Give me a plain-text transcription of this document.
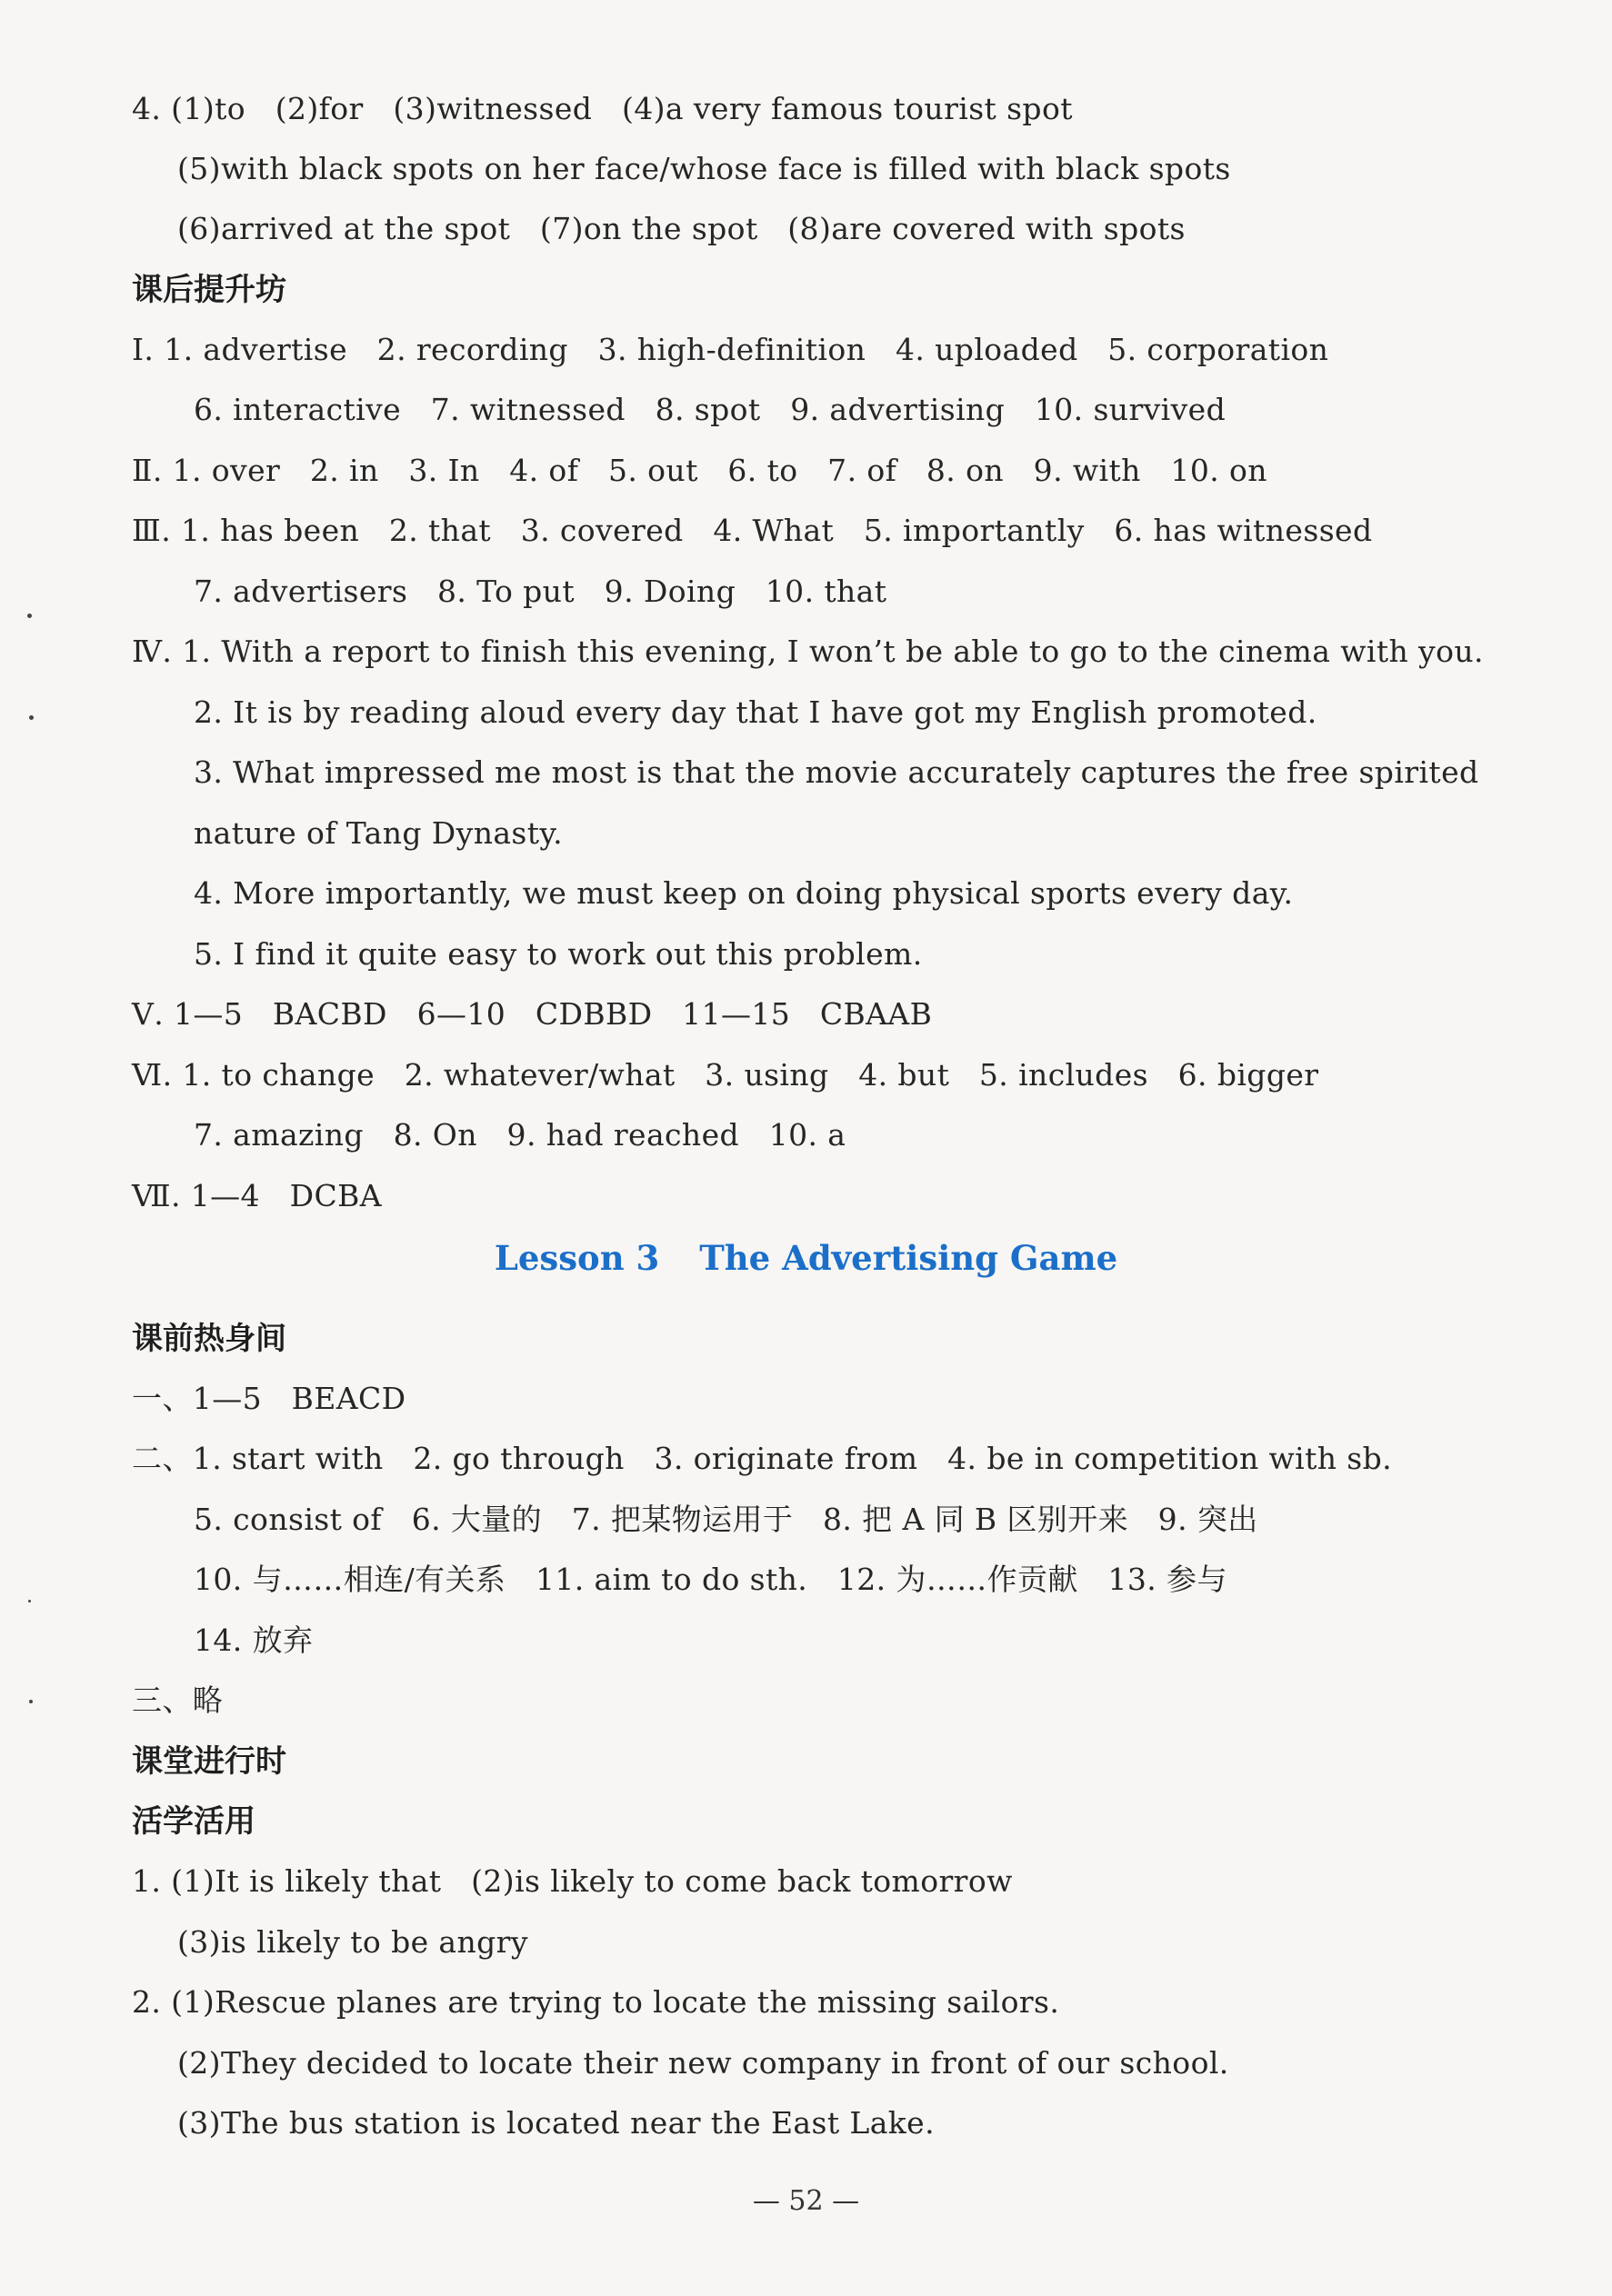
4. (1)to   (2)for   (3)witnessed   (4)a very famous tourist spot
(5)with black spots on her face/whose face is filled with black spots
(6)arrived at the spot   (7)on the spot   (8)are covered with spots
课后提升坊
Ⅰ. 1. advertise   2. recording   3. high-definition   4. uploaded   5. corporation
6. interactive   7. witnessed   8. spot   9. advertising   10. survived
Ⅱ. 1. over   2. in   3. In   4. of   5. out   6. to   7. of   8. on   9. with   10. on
Ⅲ. 1. has been   2. that   3. covered   4. What   5. importantly   6. has witnessed
7. advertisers   8. To put   9. Doing   10. that
Ⅳ. 1. With a report to finish this evening, I won’t be able to go to the cinema with you.
2. It is by reading aloud every day that I have got my English promoted.
3. What impressed me most is that the movie accurately captures the free spirited
nature of Tang Dynasty.
4. More importantly, we must keep on doing physical sports every day.
5. I find it quite easy to work out this problem.
Ⅴ. 1—5   BACBD   6—10   CDBBD   11—15   CBAAB
Ⅵ. 1. to change   2. whatever/what   3. using   4. but   5. includes   6. bigger
7. amazing   8. On   9. had reached   10. a
Ⅶ. 1—4   DCBA
Lesson 3 The Advertising Game
课前热身间
一、1—5   BEACD
二、1. start with   2. go through   3. originate from   4. be in competition with sb.
5. consist of   6. 大量的   7. 把某物运用于   8. 把 A 同 B 区别开来   9. 突出
10. 与……相连/有关系   11. aim to do sth.   12. 为……作贡献   13. 参与
14. 放弃
三、略
课堂进行时
活学活用
1. (1)It is likely that   (2)is likely to come back tomorrow
(3)is likely to be angry
2. (1)Rescue planes are trying to locate the missing sailors.
(2)They decided to locate their new company in front of our school.
(3)The bus station is located near the East Lake.
— 52 —
